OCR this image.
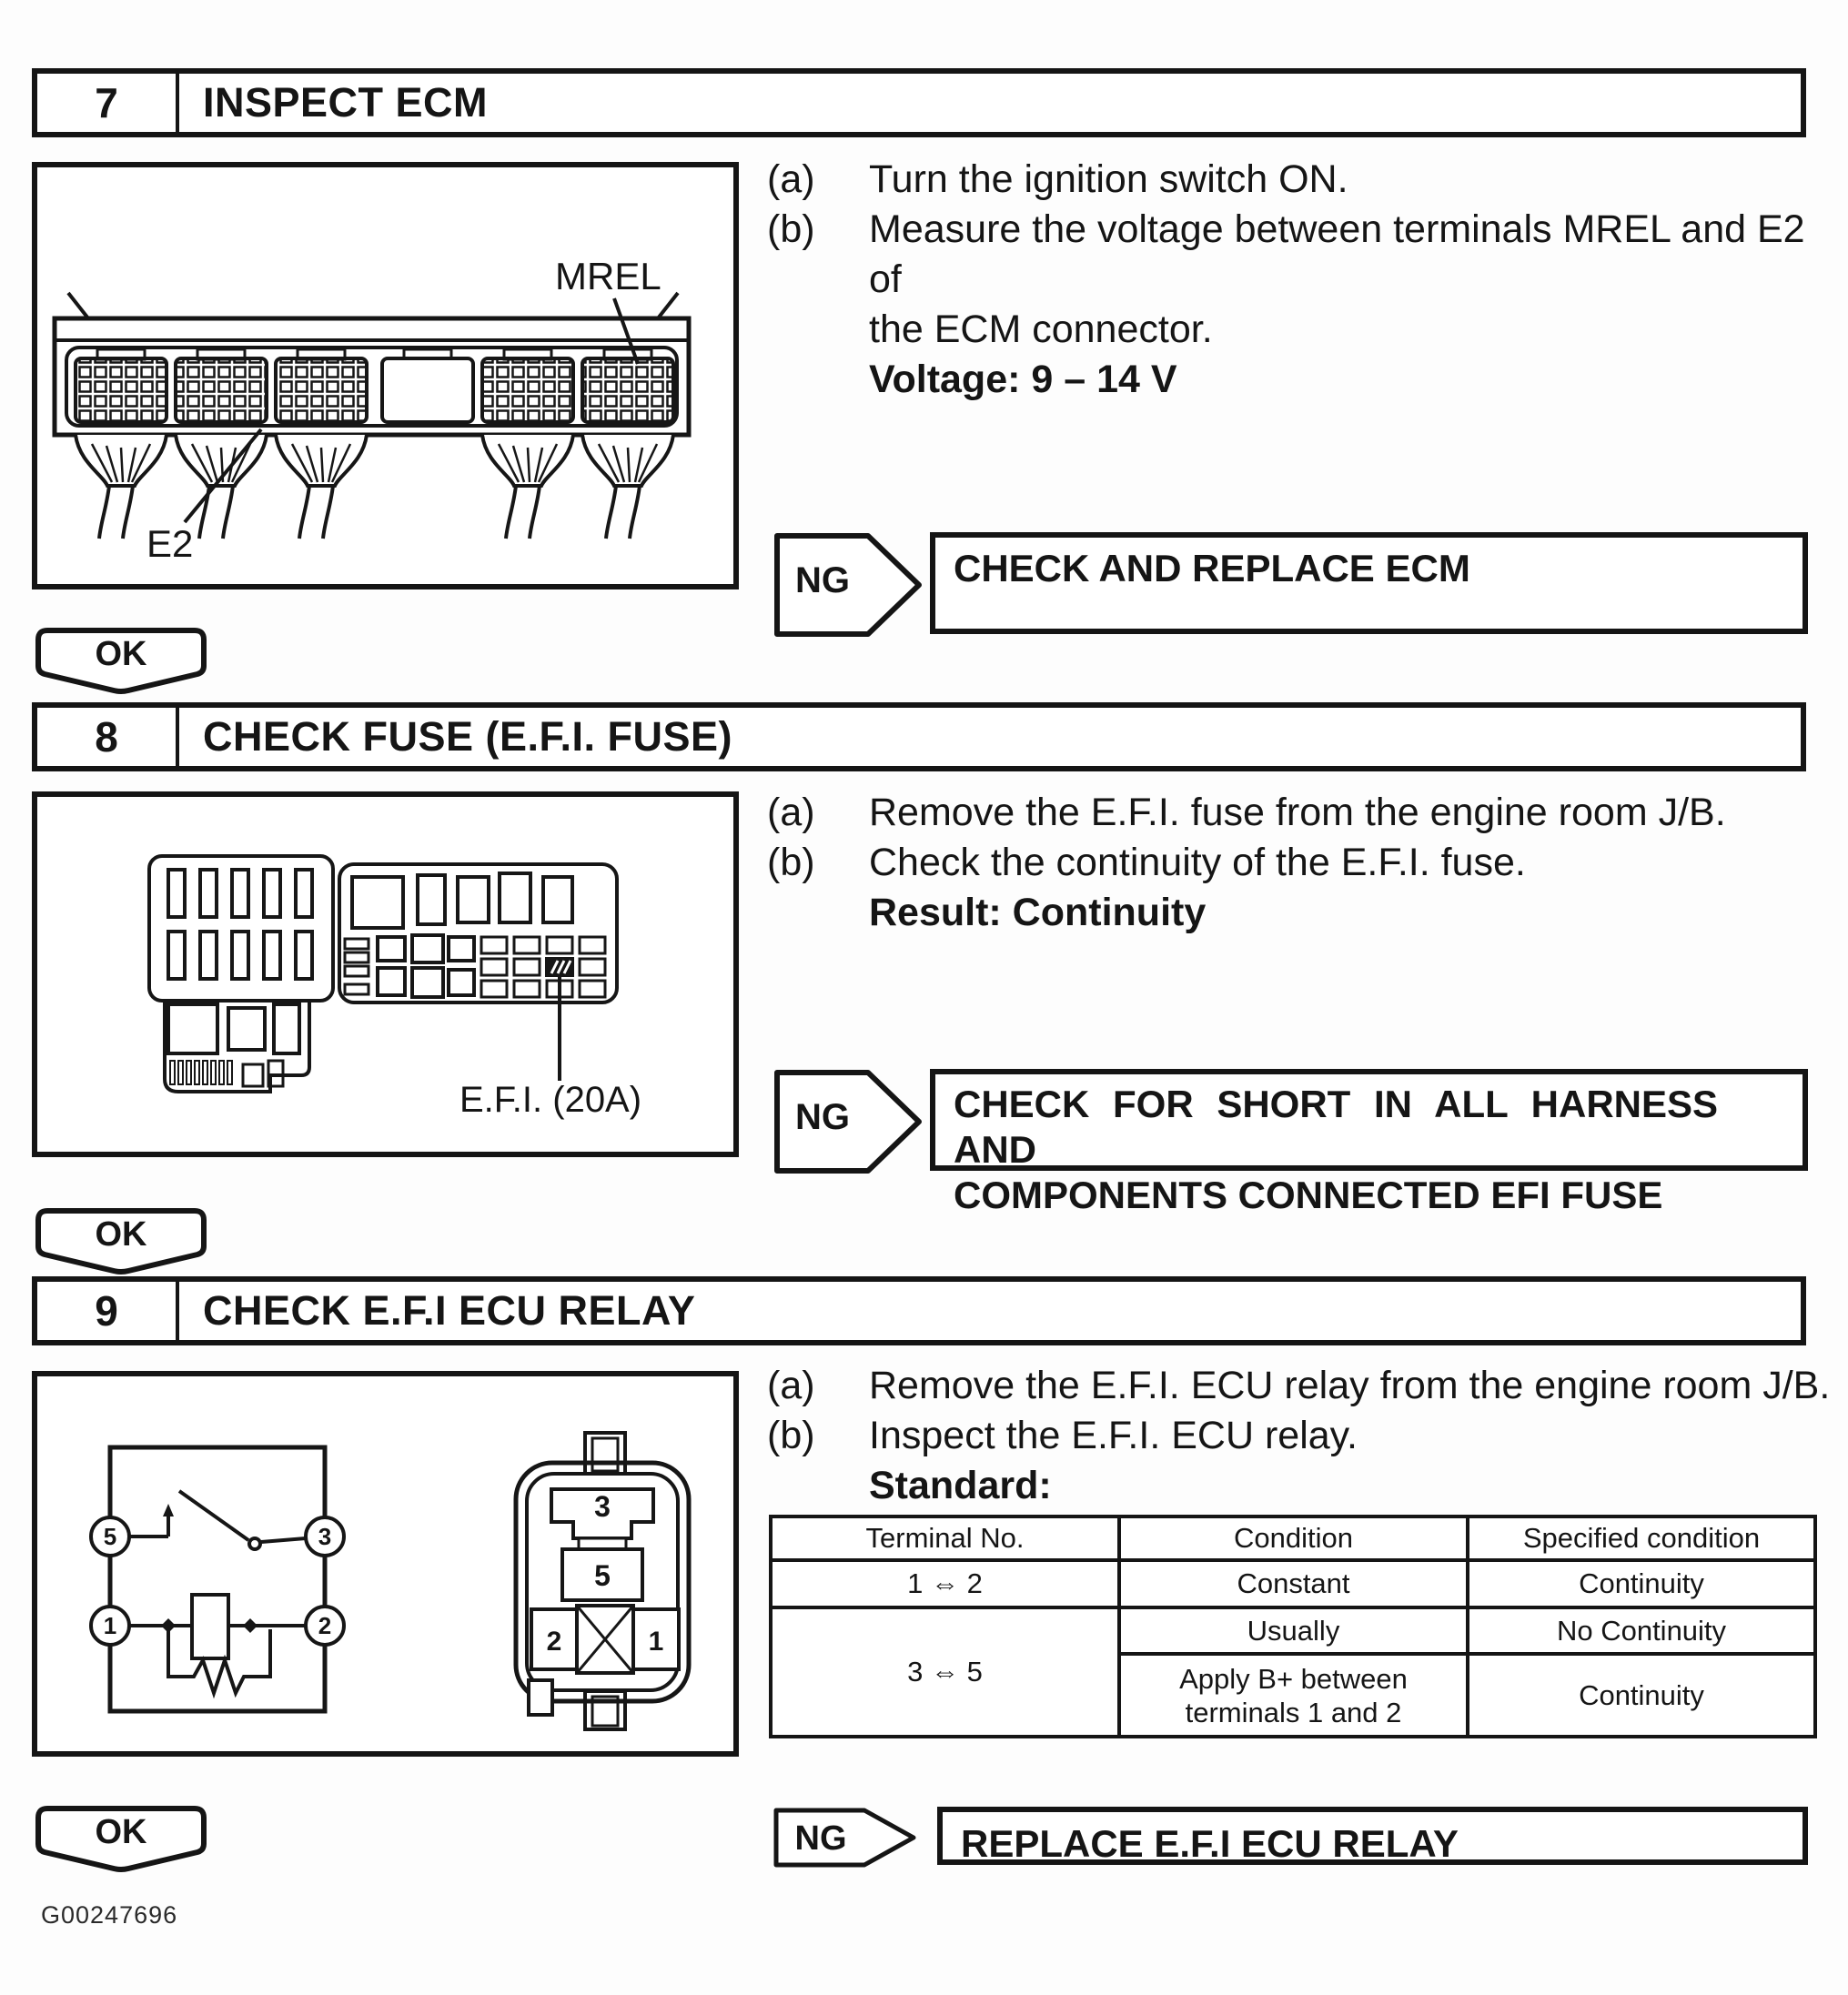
7	INSPECT ECM
MREL
E2
(a)	Turn the ignition switch ON.
(b)	Measure the voltage between terminals MREL and E2 of
the ECM connector.
Voltage: 9 – 14 V
NG	CHECK AND REPLACE ECM
OK
8	CHECK FUSE (E.F.I. FUSE)
E.F.I. (20A)
(a)	Remove the E.F.I. fuse from the engine room J/B.
(b)	Check the continuity of the E.F.I. fuse.
Result: Continuity
NG	CHECK FOR SHORT IN ALL HARNESS AND
COMPONENTS CONNECTED EFI FUSE
OK
9	CHECK E.F.I ECU RELAY
3
5
2	1
5	3
1	2
(a)	Remove the E.F.I. ECU relay from the engine room J/B.
(b)	Inspect the E.F.I. ECU relay.
Standard:
Terminal No.	Condition	Specified condition
1 ⇔ 2	Constant	Continuity
3 ⇔ 5	Usually	No Continuity

	Apply B+ between
terminals 1 and 2	Continuity
OK	NG	REPLACE E.F.I ECU RELAY
G00247696
